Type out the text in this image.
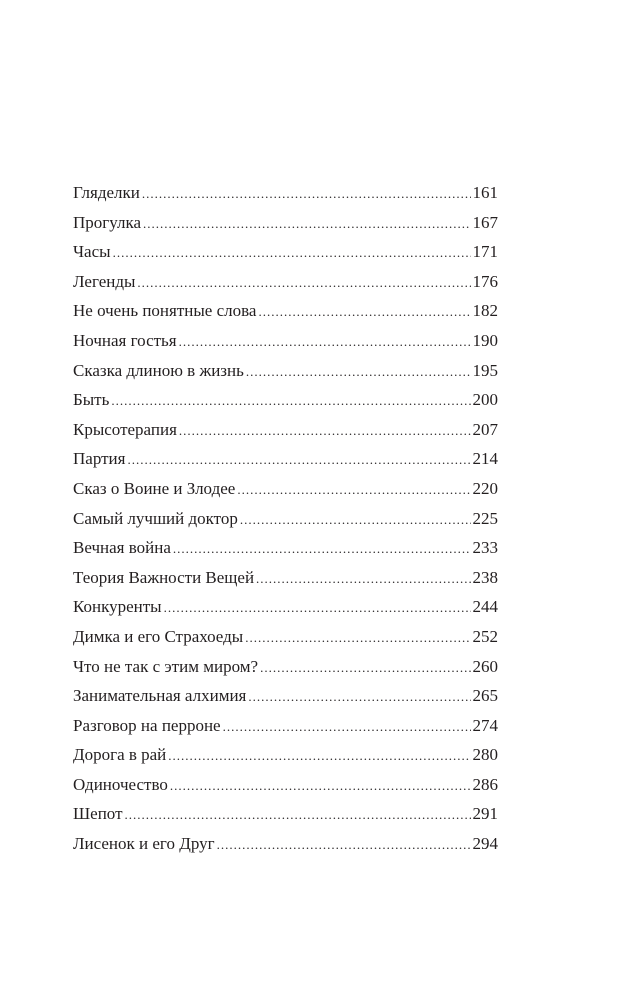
Гляделки .....	161
Прогулка .....	167
Часы .....	171
Легенды .....	176
Не очень понятные слова .....	182
Ночная гостья .....	190
Сказка длиною в жизнь .....	195
Быть .....	200
Крысотерапия .....	207
Партия .....	214
Сказ о Воине и Злодее .....	220
Самый лучший доктор .....	225
Вечная война .....	233
Теория Важности Вещей .....	238
Конкуренты .....	244
Димка и его Страхоеды .....	252
Что не так с этим миром? .....	260
Занимательная алхимия .....	265
Разговор на перроне .....	274
Дорога в рай .....	280
Одиночество .....	286
Шепот .....	291
Лисенок и его Друг .....	294
